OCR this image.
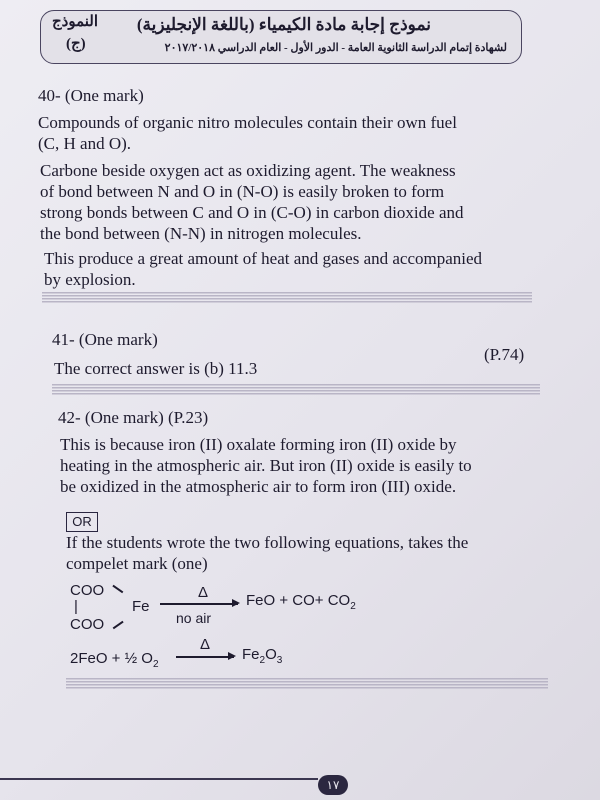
نموذج إجابة مادة الكيمياء (باللغة الإنجليزية)
لشهادة إتمام الدراسة الثانوية العامة - الدور الأول - العام الدراسي ٢٠١٧/٢٠١٨
النموذج
(ج)
40- (One mark)
Compounds of organic nitro molecules contain their own fuel
(C, H and O).
Carbone beside oxygen act as oxidizing agent. The weakness
of bond between N and O in (N-O) is easily broken to form
strong bonds between C and O in (C-O) in carbon dioxide and
the bond between (N-N) in nitrogen molecules.
This produce a great amount of heat and gases and accompanied
by explosion.
41- (One mark)
The correct answer is (b) 11.3
(P.74)
42- (One mark) (P.23)
This is because iron (II) oxalate forming iron (II) oxide by
heating in the atmospheric air. But iron (II) oxide is easily to
be oxidized in the atmospheric air to form iron (III) oxide.
OR
If the students wrote the two following equations, takes the
compelet mark (one)
COO
|
COO
Fe
Δ
no air
FeO + $CO+ CO_2$
2FeO + ½ $O_2$
Δ
$Fe_2O_3$
١٧
